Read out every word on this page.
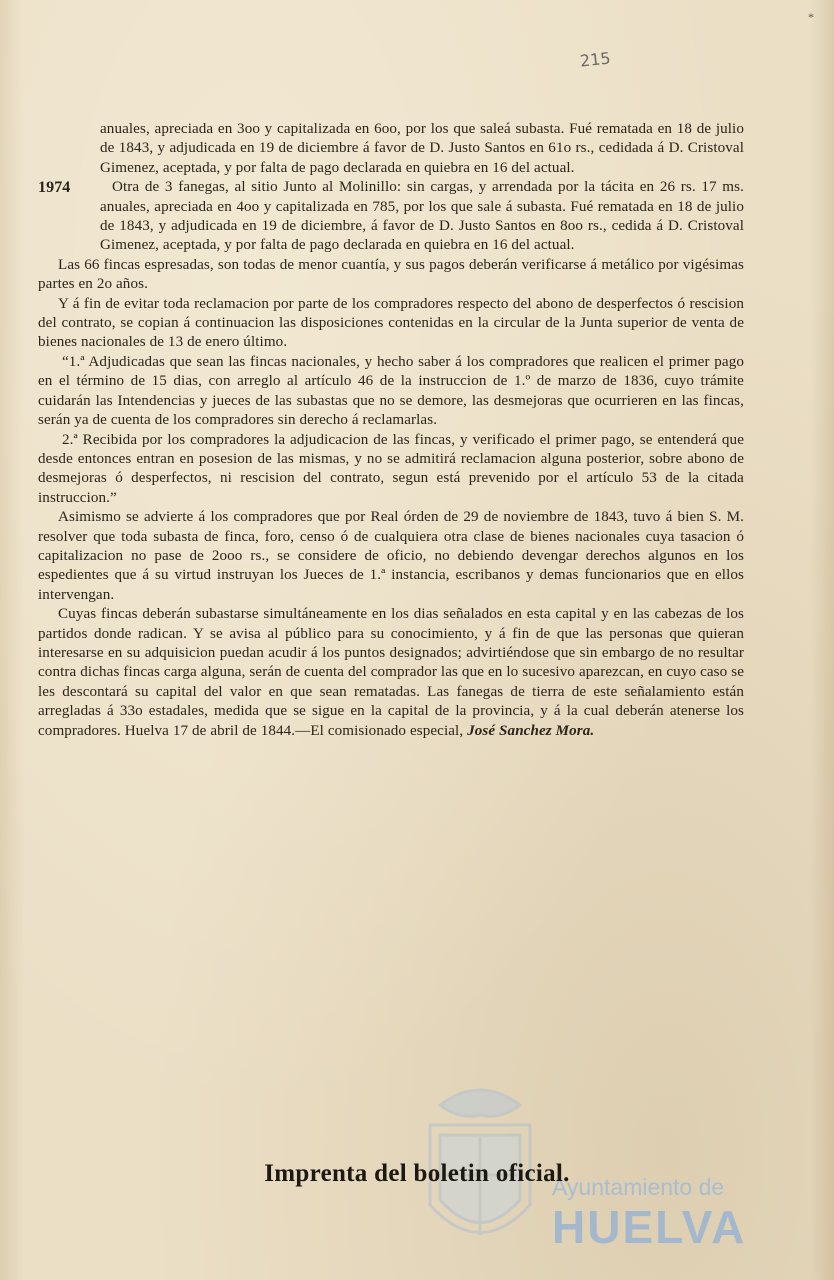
215
*

anuales, apreciada en 3oo y capitalizada en 6oo, por los que saleá subasta. Fué rematada en 18 de julio de 1843, y adjudicada en 19 de diciembre á favor de D. Justo Santos en 61o rs., cedidada á D. Cristoval Gimenez, aceptada, y por falta de pago declarada en quiebra en 16 del actual.

1974	Otra de 3 fanegas, al sitio Junto al Molinillo: sin cargas, y arrendada por la tácita en 26 rs. 17 ms. anuales, apreciada en 4oo y capitalizada en 785, por los que sale á subasta. Fué rematada en 18 de julio de 1843, y adjudicada en 19 de diciembre, á favor de D. Justo Santos en 8oo rs., cedida á D. Cristoval Gimenez, aceptada, y por falta de pago declarada en quiebra en 16 del actual.

Las 66 fincas espresadas, son todas de menor cuantía, y sus pagos deberán verificarse á metálico por vigésimas partes en 2o años.

Y á fin de evitar toda reclamacion por parte de los compradores respecto del abono de desperfectos ó rescision del contrato, se copian á continuacion las disposiciones contenidas en la circular de la Junta superior de venta de bienes nacionales de 13 de enero último.

“1.ª Adjudicadas que sean las fincas nacionales, y hecho saber á los compradores que realicen el primer pago en el término de 15 dias, con arreglo al artículo 46 de la instruccion de 1.º de marzo de 1836, cuyo trámite cuidarán las Intendencias y jueces de las subastas que no se demore, las desmejoras que ocurrieren en las fincas, serán ya de cuenta de los compradores sin derecho á reclamarlas.

2.ª Recibida por los compradores la adjudicacion de las fincas, y verificado el primer pago, se entenderá que desde entonces entran en posesion de las mismas, y no se admitirá reclamacion alguna posterior, sobre abono de desmejoras ó desperfectos, ni rescision del contrato, segun está prevenido por el artículo 53 de la citada instruccion.”

Asimismo se advierte á los compradores que por Real órden de 29 de noviembre de 1843, tuvo á bien S. M. resolver que toda subasta de finca, foro, censo ó de cualquiera otra clase de bienes nacionales cuya tasacion ó capitalizacion no pase de 2ooo rs., se considere de oficio, no debiendo devengar derechos algunos en los espedientes que á su virtud instruyan los Jueces de 1.ª instancia, escribanos y demas funcionarios que en ellos intervengan.

Cuyas fincas deberán subastarse simultáneamente en los dias señalados en esta capital y en las cabezas de los partidos donde radican. Y se avisa al público para su conocimiento, y á fin de que las personas que quieran interesarse en su adquisicion puedan acudir á los puntos designados; advirtiéndose que sin embargo de no resultar contra dichas fincas carga alguna, serán de cuenta del comprador las que en lo sucesivo aparezcan, en cuyo caso se les descontará su capital del valor en que sean rematadas. Las fanegas de tierra de este señalamiento están arregladas á 33o estadales, medida que se sigue en la capital de la provincia, y á la cual deberán atenerse los compradores. Huelva 17 de abril de 1844.—El comisionado especial, José Sanchez Mora.

Ayuntamiento de
HUELVA
Imprenta del boletin oficial.
